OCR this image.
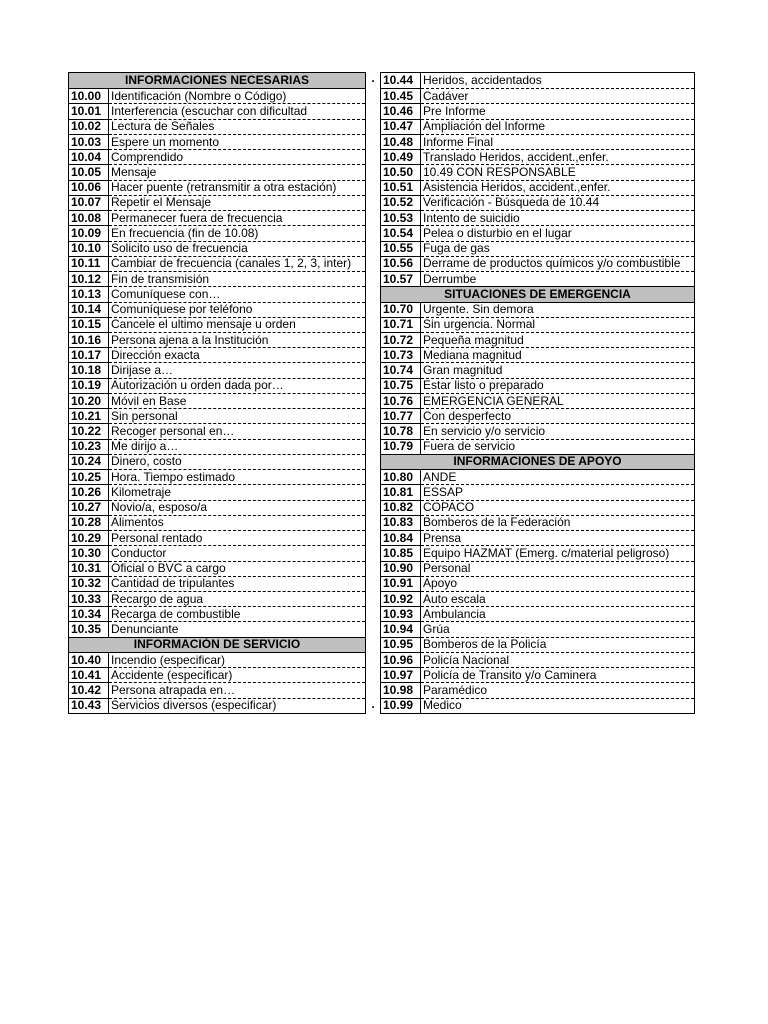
INFORMACIONES NECESARIAS
10.00 Identificación (Nombre o Código)
10.01 Interferencia (escuchar con dificultad
10.02 Lectura de Señales
10.03 Espere un momento
10.04 Comprendido
10.05 Mensaje
10.06 Hacer puente (retransmitir a otra estación)
10.07 Repetir el Mensaje
10.08 Permanecer fuera de frecuencia
10.09 En frecuencia (fin de 10.08)
10.10 Solicito uso de frecuencia
10.11 Cambiar de frecuencia (canales 1, 2, 3, inter)
10.12 Fin de transmisión
10.13 Comuníquese con…
10.14 Comuníquese por teléfono
10.15 Cancele el ultimo mensaje u orden
10.16 Persona ajena a la Institución
10.17 Dirección exacta
10.18 Dirijase a…
10.19 Autorización u orden dada por…
10.20 Móvil en Base
10.21 Sin personal
10.22 Recoger personal en…
10.23 Me dirijo a…
10.24 Dinero, costo
10.25 Hora. Tiempo estimado
10.26 Kilometraje
10.27 Novio/a, esposo/a
10.28 Alimentos
10.29 Personal rentado
10.30 Conductor
10.31 Oficial o BVC a cargo
10.32 Cantidad de tripulantes
10.33 Recargo de agua
10.34 Recarga de combustible
10.35 Denunciante
INFORMACIÓN DE SERVICIO
10.40 Incendio (especificar)
10.41 Accidente (especificar)
10.42 Persona atrapada en…
10.43 Servicios diversos (especificar)
10.44 Heridos, accidentados
10.45 Cadáver
10.46 Pre Informe
10.47 Ampliación del Informe
10.48 Informe Final
10.49 Translado Heridos, accident.,enfer.
10.50 10.49 CON RESPONSABLE
10.51 Asistencia Heridos, accident.,enfer.
10.52 Verificación - Búsqueda de 10.44
10.53 Intento de suicidio
10.54 Pelea o disturbio en el lugar
10.55 Fuga de gas
10.56 Derrame de productos químicos y/o combustible
10.57 Derrumbe
SITUACIONES DE EMERGENCIA
10.70 Urgente. Sin demora
10.71 Sin urgencia. Normal
10.72 Pequeña magnitud
10.73 Mediana magnitud
10.74 Gran magnitud
10.75 Estar listo o preparado
10.76 EMERGENCIA GENERAL
10.77 Con desperfecto
10.78 En servicio y/o servicio
10.79 Fuera de servicio
INFORMACIONES DE APOYO
10.80 ANDE
10.81 ESSAP
10.82 COPACO
10.83 Bomberos de la Federación
10.84 Prensa
10.85 Equipo HAZMAT (Emerg. c/material peligroso)
10.90 Personal
10.91 Apoyo
10.92 Auto escala
10.93 Ambulancia
10.94 Grúa
10.95 Bomberos de la Policía
10.96 Policía Nacional
10.97 Policía de Transito y/o Caminera
10.98 Paramédico
10.99 Medico
.
.
